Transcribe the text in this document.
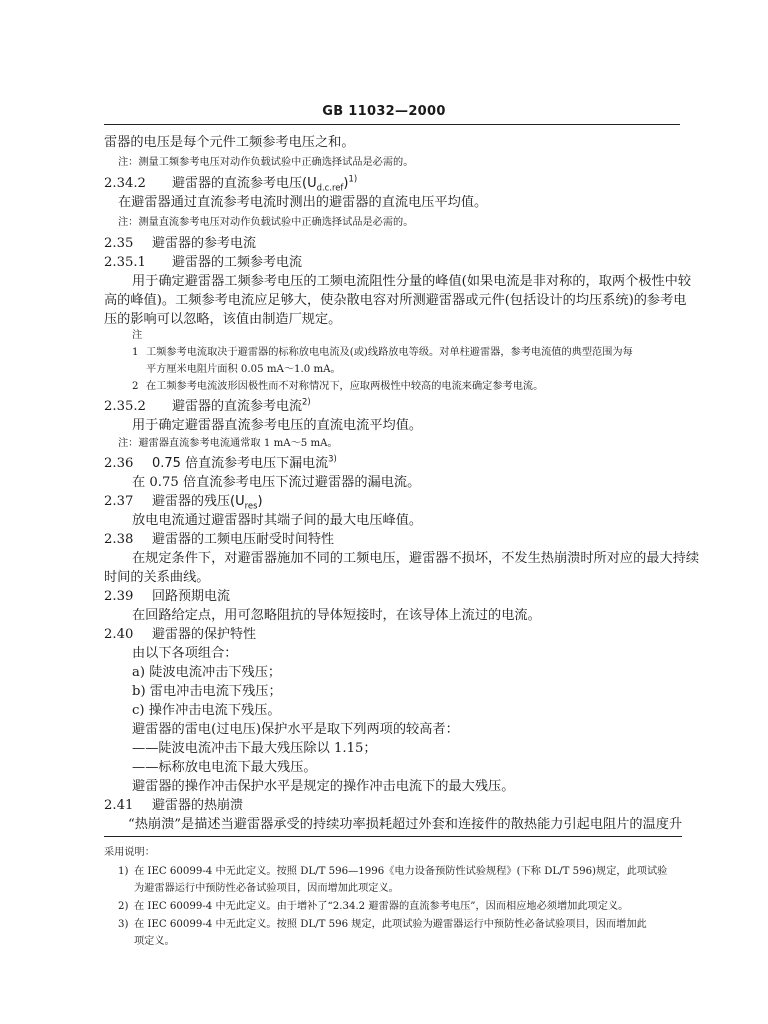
GB 11032—2000
雷器的电压是每个元件工频参考电压之和。
注：测量工频参考电压对动作负载试验中正确选择试品是必需的。
2.34.2 避雷器的直流参考电压$(U_{d.c.ref})^{1)}$
在避雷器通过直流参考电流时测出的避雷器的直流电压平均值。
注：测量直流参考电压对动作负载试验中正确选择试品是必需的。
2.35 避雷器的参考电流
2.35.1 避雷器的工频参考电流
用于确定避雷器工频参考电压的工频电流阻性分量的峰值(如果电流是非对称的，取两个极性中较
高的峰值)。工频参考电流应足够大，使杂散电容对所测避雷器或元件(包括设计的均压系统)的参考电
压的影响可以忽略，该值由制造厂规定。
注
1 工频参考电流取决于避雷器的标称放电电流及(或)线路放电等级。对单柱避雷器，参考电流值的典型范围为每
平方厘米电阻片面积 0.05 mA～1.0 mA。
2 在工频参考电流波形因极性而不对称情况下，应取两极性中较高的电流来确定参考电流。
2.35.2 避雷器的直流参考电流$^{2)}$
用于确定避雷器直流参考电压的直流电流平均值。
注：避雷器直流参考电流通常取 1 mA～5 mA。
2.36 0.75 倍直流参考电压下漏电流$^{3)}$
在 0.75 倍直流参考电压下流过避雷器的漏电流。
2.37 避雷器的残压$(U_{res})$
放电电流通过避雷器时其端子间的最大电压峰值。
2.38 避雷器的工频电压耐受时间特性
在规定条件下，对避雷器施加不同的工频电压，避雷器不损坏，不发生热崩溃时所对应的最大持续
时间的关系曲线。
2.39 回路预期电流
在回路给定点，用可忽略阻抗的导体短接时，在该导体上流过的电流。
2.40 避雷器的保护特性
由以下各项组合：
a) 陡波电流冲击下残压；
b) 雷电冲击电流下残压；
c) 操作冲击电流下残压。
避雷器的雷电(过电压)保护水平是取下列两项的较高者：
——陡波电流冲击下最大残压除以 1.15；
——标称放电电流下最大残压。
避雷器的操作冲击保护水平是规定的操作冲击电流下的最大残压。
2.41 避雷器的热崩溃
“热崩溃”是描述当避雷器承受的持续功率损耗超过外套和连接件的散热能力引起电阻片的温度升
采用说明：
1) 在 IEC 60099-4 中无此定义。按照 DL/T 596—1996《电力设备预防性试验规程》(下称 DL/T 596)规定，此项试验
为避雷器运行中预防性必备试验项目，因而增加此项定义。
2) 在 IEC 60099-4 中无此定义。由于增补了“2.34.2 避雷器的直流参考电压”，因而相应地必须增加此项定义。
3) 在 IEC 60099-4 中无此定义。按照 DL/T 596 规定，此项试验为避雷器运行中预防性必备试验项目，因而增加此
项定义。
